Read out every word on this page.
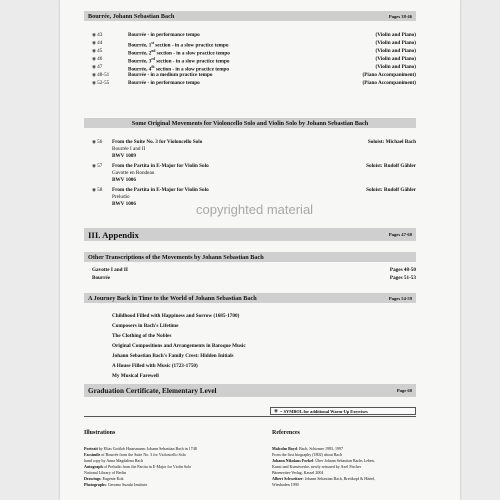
Bourrée, Johann Sebastian Bach	Pages 38-46
◉ 43	Bourrée - in performance tempo	(Violin and Piano)
◉ 44	Bourrée, 1st section - in a slow practice tempo	(Violin and Piano)
◉ 45	Bourrée, 2nd section - in a slow practice tempo	(Violin and Piano)
◉ 46	Bourrée, 3rd section - in a slow practice tempo	(Violin and Piano)
◉ 47	Bourrée, 4th section - in a slow practice tempo	(Violin and Piano)
◉ 48-51	Bourrée - in a medium practice tempo	(Piano Accompaniment)
◉ 52-55	Bourrée - in performance tempo	(Piano Accompaniment)
Some Original Movements for Violoncello Solo and Violin Solo by Johann Sebastian Bach
◉ 56	From the Suite No. 3 for Violoncello Solo	Soloist: Michael Bach
Bourrée I and II
BWV 1009
◉ 57	From the Partita in E-Major for Violin Solo	Soloist: Rudolf Gähler
Gavotte en Rondeau
BWV 1006
◉ 58	From the Partita in E-Major for Violin Solo	Soloist: Rudolf Gähler
Preludio
BWV 1006	copyrighted material
III. Appendix	Pages 47-60
Other Transcriptions of the Movements by Johann Sebastian Bach
Gavotte I and II	Pages 48-50
Bourrée	Pages 51-53
A Journey Back in Time to the World of Johann Sebastian Bach	Pages 54-59
Childhood Filled with Happiness and Sorrow (1685-1700)
Composers in Bach's Lifetime
The Clothing of the Nobles
Original Compositions and Arrangements in Baroque Music
Johann Sebastian Bach's Family Crest: Hidden Initials
A House Filled with Music (1723-1750)
My Musical Farewell
Graduation Certificate, Elementary Level	Page 60
◉ = SYMBOL for additional Warm-Up Exercises
Illustrations
Portrait by Elias Gottlob Haussmann: Johann Sebastian Bach in 1748
Facsimile of Bourrée from the Suite No. 3 for Violoncello Solo
hand copy by Anna Magdalena Bach
Autograph of Preludio from the Partita in E-Major for Violin Solo
National Library of Berlin
Drawings: Eugenie Kok
Photographs: Gerrano Suzuki Institute
References
Malcolm Boyd: Bach, Schirmer 1983, 1997
From the first biography (1802) about Bach
Johann Nikolaus Forkel: Über Johann Sebastian Bachs Leben,
Kunst und Kunstwerke, newly reissued by Axel Fischer
Bärenreiter-Verlag, Kassel 2004
Albert Schweitzer: Johann Sebastian Bach, Breitkopf & Härtel,
Wiesbaden 1990
